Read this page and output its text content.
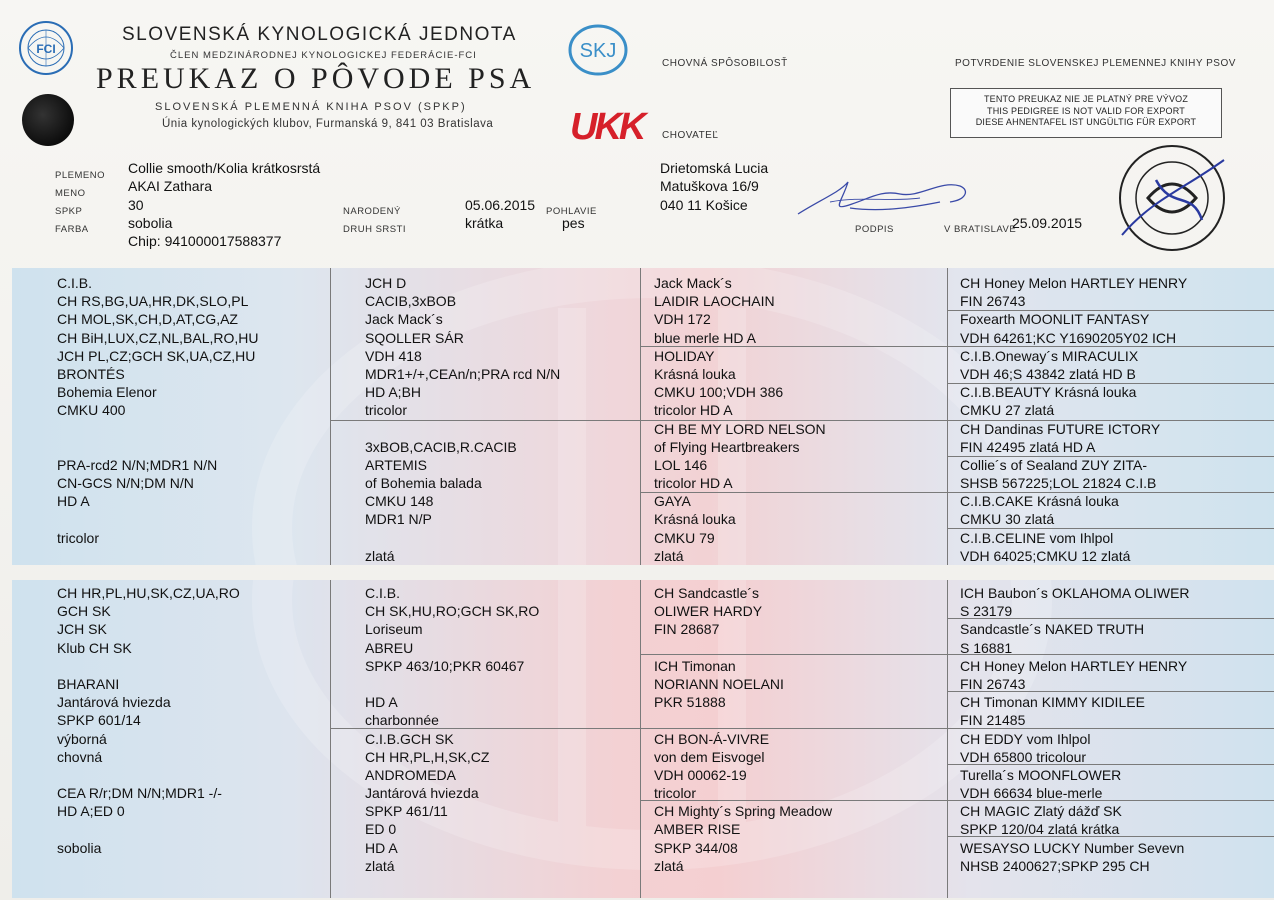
FCI
SLOVENSKÁ KYNOLOGICKÁ JEDNOTA
ČLEN MEDZINÁRODNEJ KYNOLOGICKEJ FEDERÁCIE-FCI
PREUKAZ O PÔVODE PSA
SLOVENSKÁ PLEMENNÁ KNIHA PSOV (SPKP)
Únia kynologických klubov, Furmanská 9, 841 03 Bratislava
SKJ
UKK
CHOVNÁ SPÔSOBILOSŤ
CHOVATEĽ
POTVRDENIE SLOVENSKEJ PLEMENNEJ KNIHY PSOV
TENTO PREUKAZ NIE JE PLATNÝ PRE VÝVOZ
THIS PEDIGREE IS NOT VALID FOR EXPORT
DIESE AHNENTAFEL IST UNGÜLTIG FÜR EXPORT
PLEMENO
MENO
SPKP
FARBA
Collie smooth/Kolia krátkosrstá
AKAI Zathara
30
sobolia
Chip: 941000017588377
NARODENÝ
DRUH SRSTI
05.06.2015
krátka
POHLAVIE
pes
Drietomská Lucia
Matuškova 16/9
040 11 Košice
PODPIS	V BRATISLAVE
25.09.2015
C.I.B.
CH RS,BG,UA,HR,DK,SLO,PL
CH MOL,SK,CH,D,AT,CG,AZ
CH BiH,LUX,CZ,NL,BAL,RO,HU
JCH PL,CZ;GCH SK,UA,CZ,HU
BRONTÉS
Bohemia Elenor
CMKU 400
PRA-rcd2 N/N;MDR1 N/N
CN-GCS N/N;DM N/N
HD A
tricolor
JCH D
CACIB,3xBOB
Jack Mack´s
SQOLLER SÁR
VDH 418
MDR1+/+,CEAn/n;PRA rcd N/N
HD A;BH
tricolor
3xBOB,CACIB,R.CACIB
ARTEMIS
of Bohemia balada
CMKU 148
MDR1 N/P
zlatá
Jack Mack´s
LAIDIR LAOCHAIN
VDH 172
blue merle HD A
HOLIDAY
Krásná louka
CMKU 100;VDH 386
tricolor HD A
CH BE MY LORD NELSON
of Flying Heartbreakers
LOL 146
tricolor HD A
GAYA
Krásná louka
CMKU 79
zlatá
CH Honey Melon HARTLEY HENRY
FIN 26743
Foxearth MOONLIT FANTASY
VDH 64261;KC Y1690205Y02 ICH
C.I.B.Oneway´s MIRACULIX
VDH 46;S 43842 zlatá HD B
C.I.B.BEAUTY Krásná louka
CMKU 27 zlatá
CH Dandinas FUTURE ICTORY
FIN 42495 zlatá HD A
Collie´s of Sealand ZUY ZITA-
SHSB 567225;LOL 21824 C.I.B
C.I.B.CAKE Krásná louka
CMKU 30 zlatá
C.I.B.CELINE vom Ihlpol
VDH 64025;CMKU 12 zlatá
CH HR,PL,HU,SK,CZ,UA,RO
GCH SK
JCH SK
Klub CH SK
BHARANI
Jantárová hviezda
SPKP 601/14
výborná
chovná
CEA R/r;DM N/N;MDR1 -/-
HD A;ED 0
sobolia
C.I.B.
CH SK,HU,RO;GCH SK,RO
Loriseum
ABREU
SPKP 463/10;PKR 60467
HD A
charbonnée
C.I.B.GCH SK
CH HR,PL,H,SK,CZ
ANDROMEDA
Jantárová hviezda
SPKP 461/11
ED 0
HD A
zlatá
CH Sandcastle´s
OLIWER HARDY
FIN 28687
ICH Timonan
NORIANN NOELANI
PKR 51888
CH BON-Á-VIVRE
von dem Eisvogel
VDH 00062-19
tricolor
CH Mighty´s Spring Meadow
AMBER RISE
SPKP 344/08
zlatá
ICH Baubon´s OKLAHOMA OLIWER
S 23179
Sandcastle´s NAKED TRUTH
S 16881
CH Honey Melon HARTLEY HENRY
FIN 26743
CH Timonan KIMMY KIDILEE
FIN 21485
CH EDDY vom Ihlpol
VDH 65800 tricolour
Turella´s MOONFLOWER
VDH 66634 blue-merle
CH MAGIC Zlatý dážď SK
SPKP 120/04 zlatá krátka
WESAYSO LUCKY Number Sevevn
NHSB 2400627;SPKP 295 CH
